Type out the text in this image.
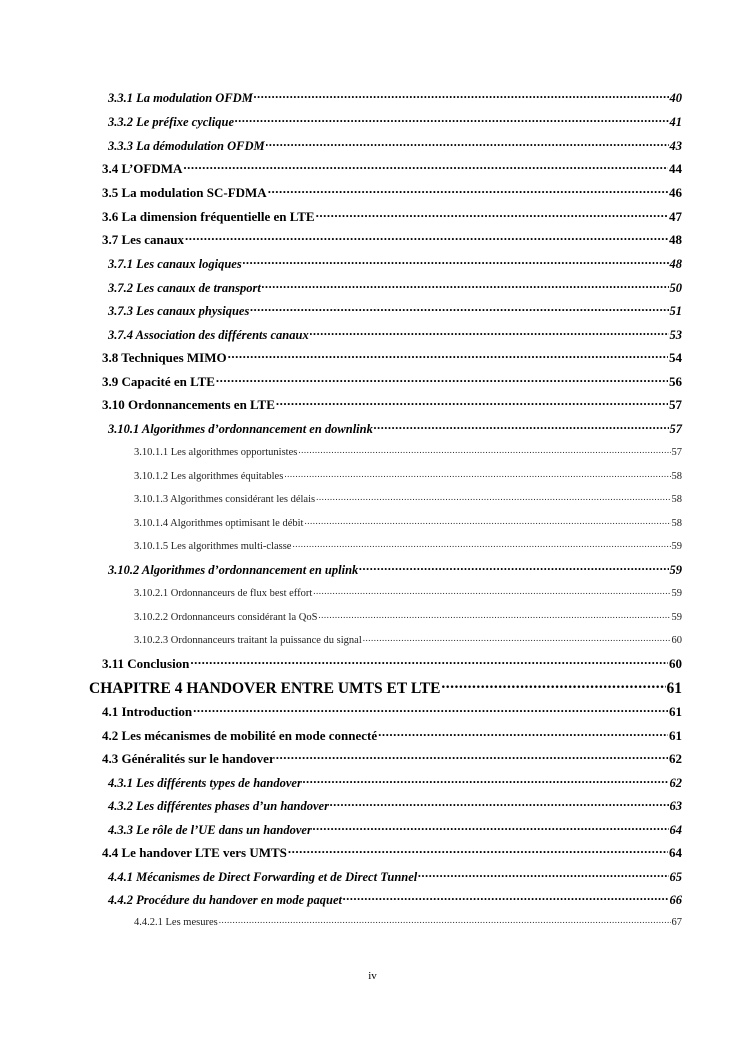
3.3.1 La modulation OFDM .....	40
3.3.2 Le préfixe cyclique .....	41
3.3.3 La démodulation OFDM .....	43
3.4 L’OFDMA .....	44
3.5 La modulation SC-FDMA .....	46
3.6 La dimension fréquentielle en LTE .....	47
3.7 Les canaux .....	48
3.7.1 Les canaux logiques .....	48
3.7.2 Les canaux de transport .....	50
3.7.3 Les canaux physiques .....	51
3.7.4 Association des différents canaux .....	53
3.8 Techniques MIMO .....	54
3.9 Capacité en LTE .....	56
3.10 Ordonnancements en LTE .....	57
3.10.1 Algorithmes d’ordonnancement en downlink .....	57
3.10.1.1 Les algorithmes opportunistes .....	57
3.10.1.2 Les algorithmes équitables .....	58
3.10.1.3 Algorithmes considérant les délais .....	58
3.10.1.4 Algorithmes optimisant le débit .....	58
3.10.1.5 Les algorithmes multi-classe .....	59
3.10.2 Algorithmes d’ordonnancement en uplink .....	59
3.10.2.1 Ordonnanceurs de flux best effort .....	59
3.10.2.2 Ordonnanceurs considérant la QoS .....	59
3.10.2.3 Ordonnanceurs traitant la puissance du signal .....	60
3.11 Conclusion .....	60
CHAPITRE 4 HANDOVER ENTRE UMTS ET LTE .....	61
4.1 Introduction .....	61
4.2 Les mécanismes de mobilité en mode connecté .....	61
4.3 Généralités sur le handover .....	62
4.3.1 Les différents types de handover .....	62
4.3.2 Les différentes phases d’un handover .....	63
4.3.3 Le rôle de l’UE dans un handover .....	64
4.4 Le handover LTE vers UMTS .....	64
4.4.1 Mécanismes de Direct Forwarding et de Direct Tunnel .....	65
4.4.2 Procédure du handover en mode paquet .....	66
4.4.2.1 Les mesures .....	67
iv
